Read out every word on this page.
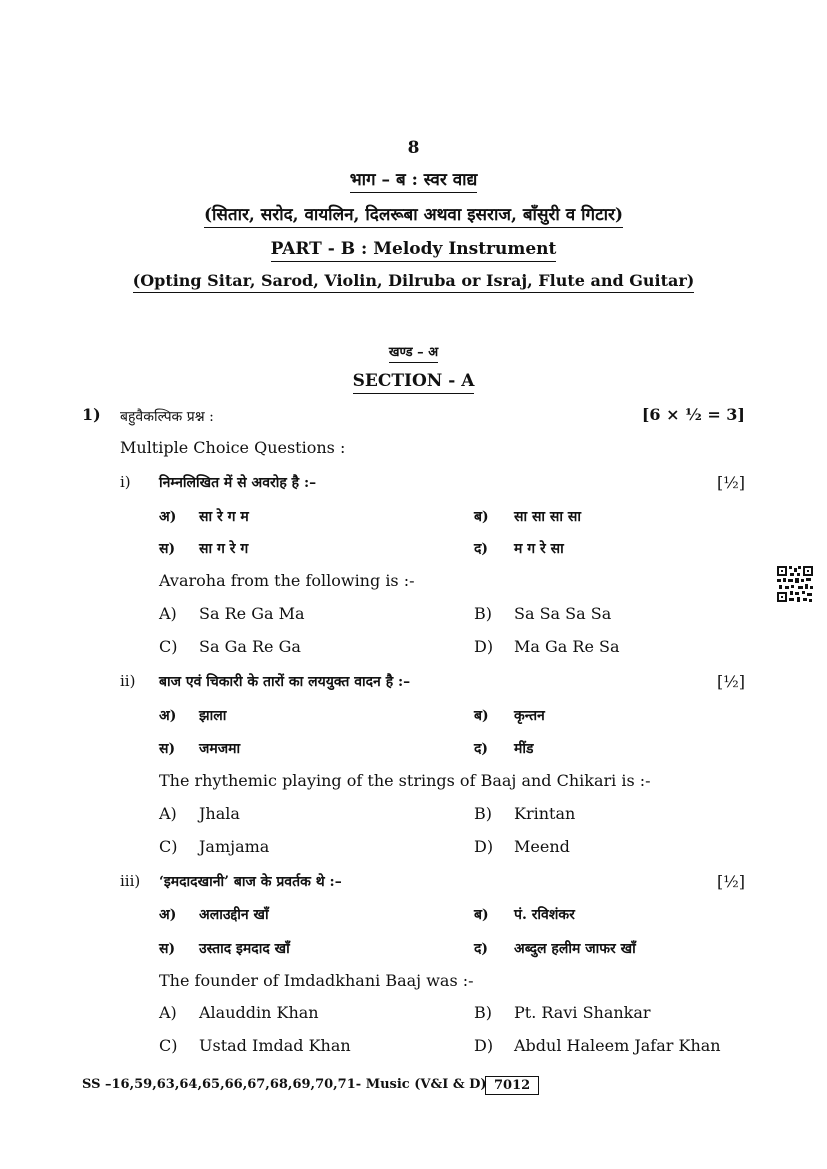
8
भाग – ब : स्वर वाद्य
(सितार, सरोद, वायलिन, दिलरूबा अथवा इसराज, बाँसुरी व गिटार)
PART - B : Melody Instrument
(Opting Sitar, Sarod, Violin, Dilruba or Israj, Flute and Guitar)
खण्ड – अ
SECTION - A
1) बहुवैकल्पिक प्रश्न :	[6 × ½ = 3]
Multiple Choice Questions :
i) निम्नलिखित में से अवरोह है :–	[½]
अ) सा रे ग म	ब) सा सा सा सा
स) सा ग रे ग	द) म ग रे सा
Avaroha from the following is :-
A) Sa Re Ga Ma	B) Sa Sa Sa Sa
C) Sa Ga Re Ga	D) Ma Ga Re Sa
ii) बाज एवं चिकारी के तारों का लययुक्त वादन है :–	[½]
अ) झाला	ब) कृन्तन
स) जमजमा	द) मींड
The rhythemic playing of the strings of Baaj and Chikari is :-
A) Jhala	B) Krintan
C) Jamjama	D) Meend
iii) ‘इमदादखानी’ बाज के प्रवर्तक थे :–	[½]
अ) अलाउद्दीन खाँ	ब) पं. रविशंकर
स) उस्ताद इमदाद खाँ	द) अब्दुल हलीम जाफर खाँ
The founder of Imdadkhani Baaj was :-
A) Alauddin Khan	B) Pt. Ravi Shankar
C) Ustad Imdad Khan	D) Abdul Haleem Jafar Khan
SS –16,59,63,64,65,66,67,68,69,70,71- Music (V&I & D) 7012
